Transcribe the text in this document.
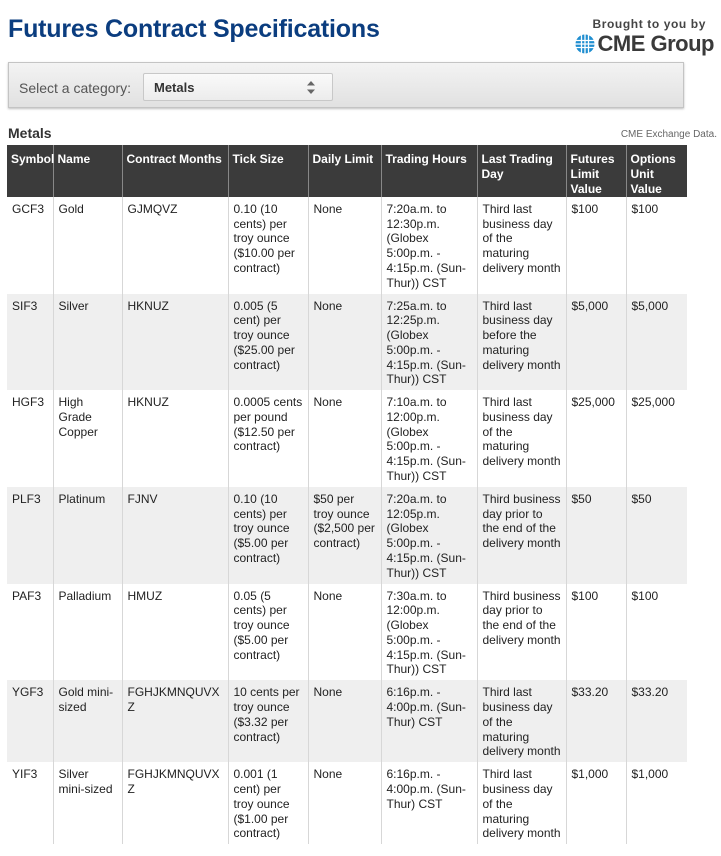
Futures Contract Specifications	Brought to you by
CME Group
Select a category: Metals
Metals	CME Exchange Data.
Symbol	Name	Contract Months	Tick Size	Daily Limit	Trading Hours	Last Trading Day	Futures Limit Value	Options Unit Value
GCF3	Gold	GJMQVZ	0.10 (10 cents) per troy ounce ($10.00 per contract)	None	7:20a.m. to 12:30p.m. (Globex 5:00p.m. - 4:15p.m. (Sun-Thur)) CST	Third last business day of the maturing delivery month	$100	$100
SIF3	Silver	HKNUZ	0.005 (5 cent) per troy ounce ($25.00 per contract)	None	7:25a.m. to 12:25p.m. (Globex 5:00p.m. - 4:15p.m. (Sun-Thur)) CST	Third last business day before the maturing delivery month	$5,000	$5,000
HGF3	High Grade Copper	HKNUZ	0.0005 cents per pound ($12.50 per contract)	None	7:10a.m. to 12:00p.m. (Globex 5:00p.m. - 4:15p.m. (Sun-Thur)) CST	Third last business day of the maturing delivery month	$25,000	$25,000
PLF3	Platinum	FJNV	0.10 (10 cents) per troy ounce ($5.00 per contract)	$50 per troy ounce ($2,500 per contract)	7:20a.m. to 12:05p.m. (Globex 5:00p.m. - 4:15p.m. (Sun-Thur)) CST	Third business day prior to the end of the delivery month	$50	$50
PAF3	Palladium	HMUZ	0.05 (5 cents) per troy ounce ($5.00 per contract)	None	7:30a.m. to 12:00p.m. (Globex 5:00p.m. - 4:15p.m. (Sun-Thur)) CST	Third business day prior to the end of the delivery month	$100	$100
YGF3	Gold mini-sized	FGHJKMNQUVXZ	10 cents per troy ounce ($3.32 per contract)	None	6:16p.m. - 4:00p.m. (Sun-Thur) CST	Third last business day of the maturing delivery month	$33.20	$33.20
YIF3	Silver mini-sized	FGHJKMNQUVXZ	0.001 (1 cent) per troy ounce ($1.00 per contract)	None	6:16p.m. - 4:00p.m. (Sun-Thur) CST	Third last business day of the maturing delivery month	$1,000	$1,000
